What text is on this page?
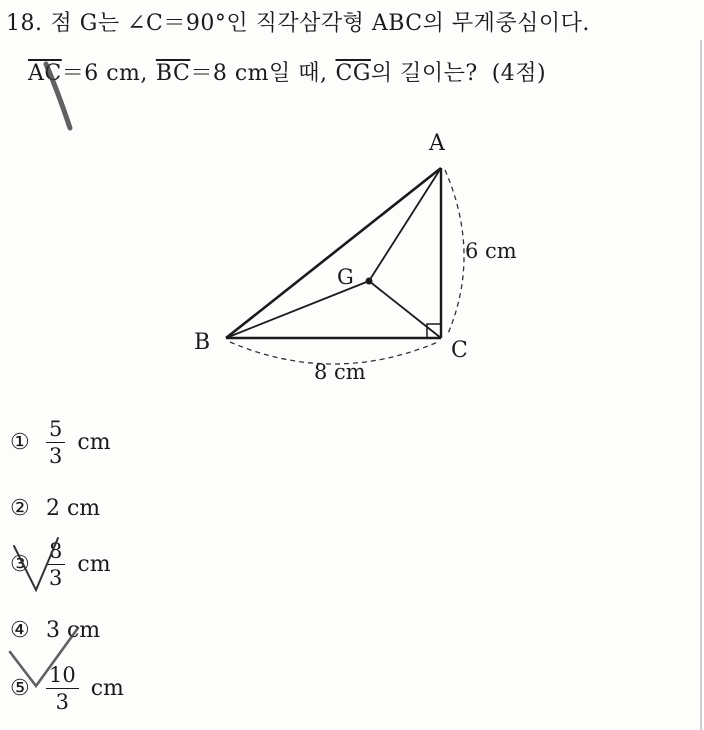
18. 점 G는 ∠C＝90°인 직각삼각형 ABC의 무게중심이다.
$\overline{AC}=6$ cm, $\overline{BC}=8$ cm일 때, $\overline{CG}$의 길이는? (4점)
A
B	C
G
6 cm
8 cm
① $\frac{5}{3}$ cm
② 2 cm
③ $\frac{8}{3}$ cm
④ 3 cm
⑤ $\frac{10}{3}$ cm
